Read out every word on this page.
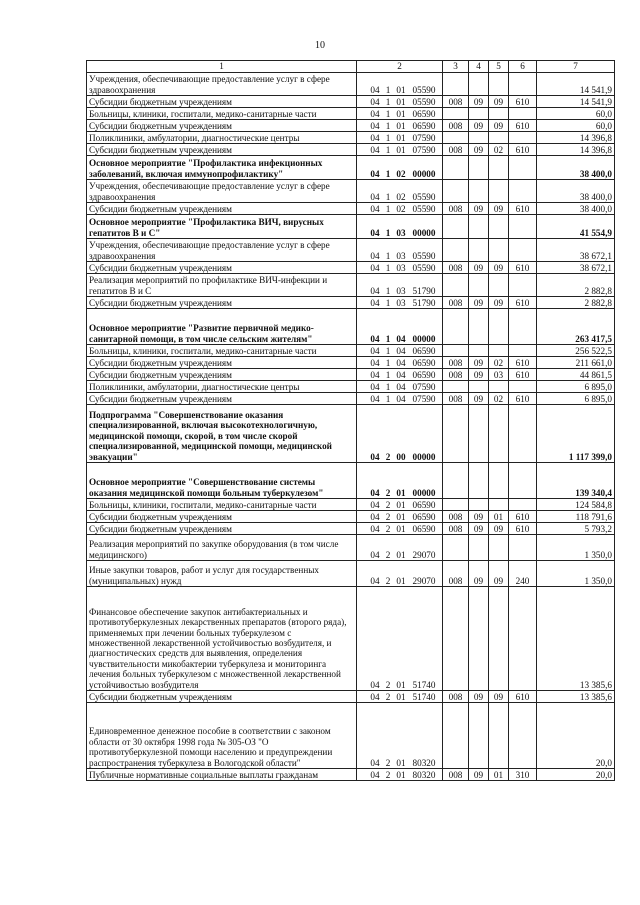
10
1	2	3	4	5	6	7
Учреждения, обеспечивающие предоставление услуг в сфере здравоохранения	04 1 01 05590					14 541,9
Субсидии бюджетным учреждениям	04 1 01 05590	008	09	09	610	14 541,9
Больницы, клиники, госпитали, медико-санитарные части	04 1 01 06590					60,0
Субсидии бюджетным учреждениям	04 1 01 06590	008	09	09	610	60,0
Поликлиники, амбулатории, диагностические центры	04 1 01 07590					14 396,8
Субсидии бюджетным учреждениям	04 1 01 07590	008	09	02	610	14 396,8
Основное мероприятие "Профилактика инфекционных заболеваний, включая иммунопрофилактику"	04 1 02 00000					38 400,0
Учреждения, обеспечивающие предоставление услуг в сфере здравоохранения	04 1 02 05590					38 400,0
Субсидии бюджетным учреждениям	04 1 02 05590	008	09	09	610	38 400,0
Основное мероприятие "Профилактика ВИЧ, вирусных гепатитов В и С"	04 1 03 00000					41 554,9
Учреждения, обеспечивающие предоставление услуг в сфере здравоохранения	04 1 03 05590					38 672,1
Субсидии бюджетным учреждениям	04 1 03 05590	008	09	09	610	38 672,1
Реализация мероприятий по профилактике ВИЧ-инфекции и гепатитов В и С	04 1 03 51790					2 882,8
Субсидии бюджетным учреждениям	04 1 03 51790	008	09	09	610	2 882,8
Основное мероприятие "Развитие первичной медико-санитарной помощи, в том числе сельским жителям"	04 1 04 00000					263 417,5
Больницы, клиники, госпитали, медико-санитарные части	04 1 04 06590					256 522,5
Субсидии бюджетным учреждениям	04 1 04 06590	008	09	02	610	211 661,0
Субсидии бюджетным учреждениям	04 1 04 06590	008	09	03	610	44 861,5
Поликлиники, амбулатории, диагностические центры	04 1 04 07590					6 895,0
Субсидии бюджетным учреждениям	04 1 04 07590	008	09	02	610	6 895,0
Подпрограмма "Совершенствование оказания специализированной, включая высокотехнологичную, медицинской помощи, скорой, в том числе скорой специализированной, медицинской помощи, медицинской эвакуации"	04 2 00 00000					1 117 399,0
Основное мероприятие "Совершенствование системы оказания медицинской помощи больным туберкулезом"	04 2 01 00000					139 340,4
Больницы, клиники, госпитали, медико-санитарные части	04 2 01 06590					124 584,8
Субсидии бюджетным учреждениям	04 2 01 06590	008	09	01	610	118 791,6
Субсидии бюджетным учреждениям	04 2 01 06590	008	09	09	610	5 793,2
Реализация мероприятий по закупке оборудования (в том числе медицинского)	04 2 01 29070					1 350,0
Иные закупки товаров, работ и услуг для государственных (муниципальных) нужд	04 2 01 29070	008	09	09	240	1 350,0
Финансовое обеспечение закупок антибактериальных и противотуберкулезных лекарственных препаратов (второго ряда), применяемых при лечении больных туберкулезом с множественной лекарственной устойчивостью возбудителя, и диагностических средств для выявления, определения чувствительности микобактерии туберкулеза и мониторинга лечения больных туберкулезом с множественной лекарственной устойчивостью возбудителя	04 2 01 51740					13 385,6
Субсидии бюджетным учреждениям	04 2 01 51740	008	09	09	610	13 385,6
Единовременное денежное пособие в соответствии с законом области от 30 октября 1998 года № 305-ОЗ "О противотуберкулезной помощи населению и предупреждении распространения туберкулеза в Вологодской области"	04 2 01 80320					20,0
Публичные нормативные социальные выплаты гражданам	04 2 01 80320	008	09	01	310	20,0
